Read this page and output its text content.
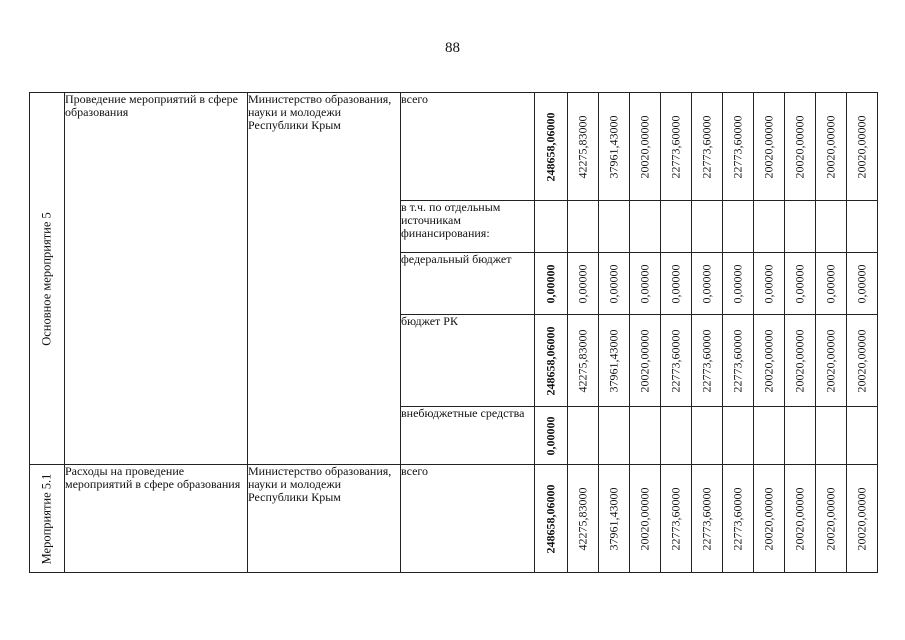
88
Основное мероприятие 5	Проведение мероприятий в сфере образования	Министерство образования, науки и молодежи Республики Крым	всего	248658,06000	42275,83000	37961,43000	20020,00000	22773,60000	22773,60000	22773,60000	20020,00000	20020,00000	20020,00000	20020,00000

			в т.ч. по отдельным источникам финансирования:											
			федеральный бюджет	0,00000	0,00000	0,00000	0,00000	0,00000	0,00000	0,00000	0,00000	0,00000	0,00000	0,00000

			бюджет РК	248658,06000	42275,83000	37961,43000	20020,00000	22773,60000	22773,60000	22773,60000	20020,00000	20020,00000	20020,00000	20020,00000

			внебюджетные средства	0,00000										

Мероприятие 5.1	Расходы на проведение мероприятий в сфере образования	Министерство образования, науки и молодежи Республики Крым	всего	248658,06000	42275,83000	37961,43000	20020,00000	22773,60000	22773,60000	22773,60000	20020,00000	20020,00000	20020,00000	20020,00000
